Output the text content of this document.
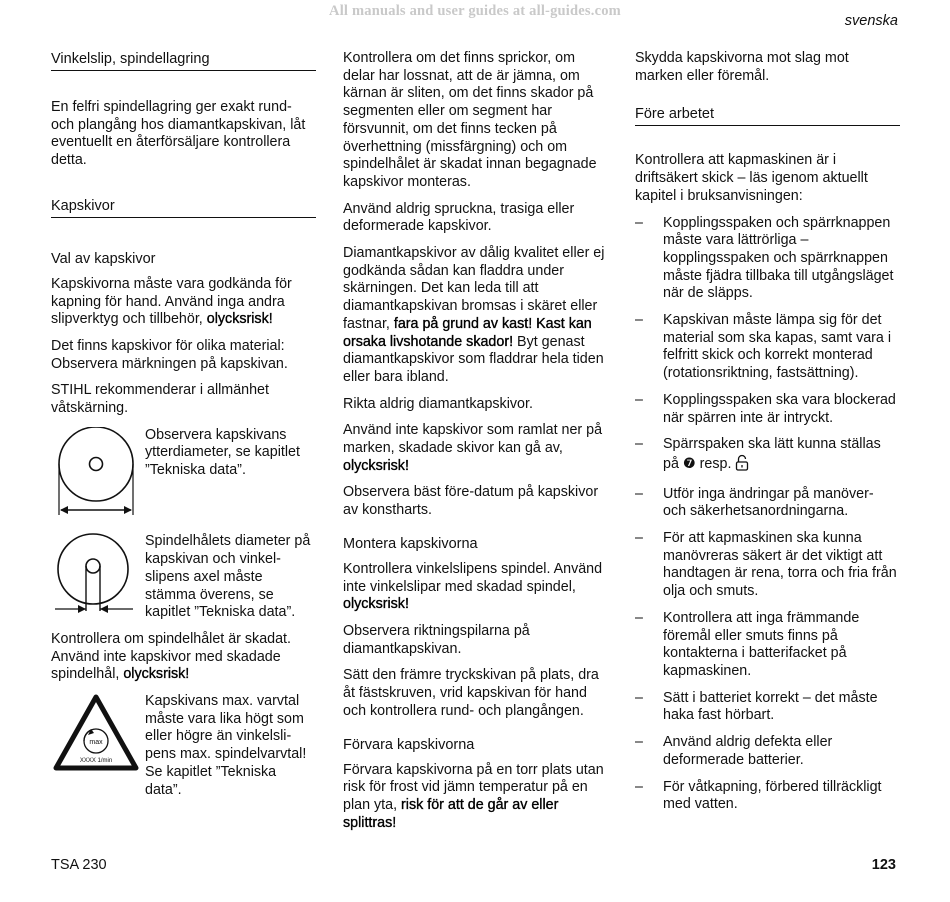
All manuals and user guides at all-guides.com
svenska
Vinkelslip, spindellagring

En felfri spindellagring ger exakt rund- och plangång hos diamantkapskivan, låt eventuellt en återförsäljare kontrollera detta.

Kapskivor
Val av kapskivor

Kapskivorna måste vara godkända för kapning för hand. Använd inga andra slipverktyg och tillbehör, olycksrisk!

Det finns kapskivor för olika material: Observera märkningen på kapskivan.

STIHL rekommenderar i allmänhet våtskärning.

Observera kapskivans ytterdiameter, se kapitlet ”Tekniska data”.
Spindelhålets diameter på kapskivan och vinkel-slipens axel måste stämma överens, se kapitlet ”Tekniska data”.

Kontrollera om spindelhålet är skadat. Använd inte kapskivor med skadade spindelhål, olycksrisk!

max
XXXX 1/min
Kapskivans max. varvtal måste vara lika högt som eller högre än vinkelsli-pens max. spindelvarvtal! Se kapitlet ”Tekniska data”.

Kontrollera om det finns sprickor, om delar har lossnat, att de är jämna, om kärnan är sliten, om det finns skador på segmenten eller om segment har försvunnit, om det finns tecken på överhettning (missfärgning) och om spindelhålet är skadat innan begagnade kapskivor monteras.

Använd aldrig spruckna, trasiga eller deformerade kapskivor.

Diamantkapskivor av dålig kvalitet eller ej godkända sådan kan fladdra under skärningen. Det kan leda till att diamantkapskivan bromsas i skäret eller fastnar, fara på grund av kast! Kast kan orsaka livshotande skador! Byt genast diamantkapskivor som fladdrar hela tiden eller bara ibland.

Rikta aldrig diamantkapskivor.

Använd inte kapskivor som ramlat ner på marken, skadade skivor kan gå av, olycksrisk!

Observera bäst före-datum på kapskivor av konstharts.

Montera kapskivorna

Kontrollera vinkelslipens spindel. Använd inte vinkelslipar med skadad spindel, olycksrisk!

Observera riktningspilarna på diamantkapskivan.

Sätt den främre tryckskivan på plats, dra åt fästskruven, vrid kapskivan för hand och kontrollera rund- och plangången.

Förvara kapskivorna

Förvara kapskivorna på en torr plats utan risk för frost vid jämn temperatur på en plan yta, risk för att de går av eller splittras!

Skydda kapskivorna mot slag mot marken eller föremål.

Före arbetet

Kontrollera att kapmaskinen är i driftsäkert skick – läs igenom aktuellt kapitel i bruksanvisningen:

– Kopplingsspaken och spärrknappen måste vara lättrörliga – kopplingsspaken och spärrknappen måste fjädra tillbaka till utgångsläget när de släpps.
– Kapskivan måste lämpa sig för det material som ska kapas, samt vara i felfritt skick och korrekt monterad (rotationsriktning, fastsättning).
– Kopplingsspaken ska vara blockerad när spärren inte är intryckt.
– Spärrspaken ska lätt kunna ställas på ❼ resp.
– Utför inga ändringar på manöver- och säkerhetsanordningarna.
– För att kapmaskinen ska kunna manövreras säkert är det viktigt att handtagen är rena, torra och fria från olja och smuts.
– Kontrollera att inga främmande föremål eller smuts finns på kontakterna i batterifacket på kapmaskinen.
– Sätt i batteriet korrekt – det måste haka fast hörbart.
– Använd aldrig defekta eller deformerade batterier.
– För våtkapning, förbered tillräckligt med vatten.
TSA 230	123
